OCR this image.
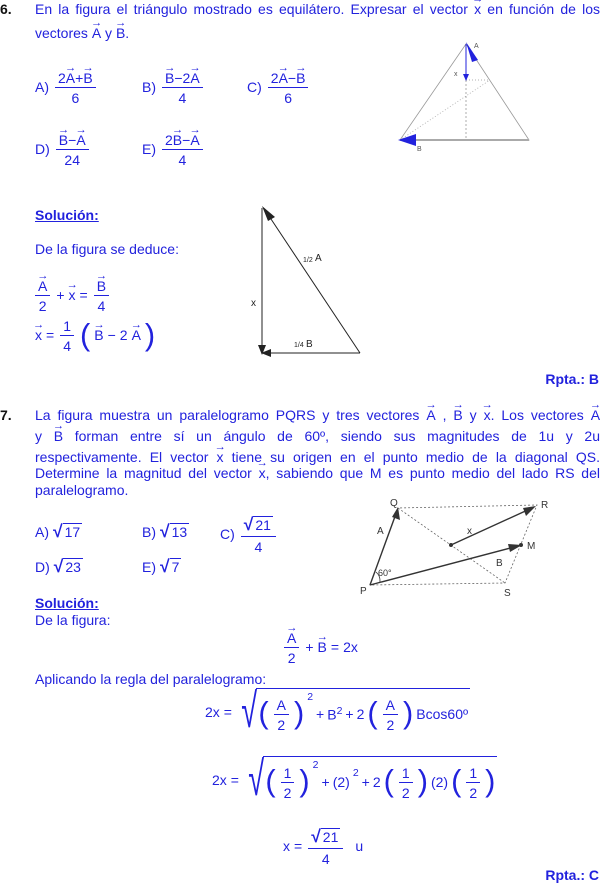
6. En la figura el triángulo mostrado es equilátero. Expresar el vector → x en función de los
vectores → A y → B.
$A) \frac{2\to A+\to B}{6}$	$B) \to \frac{B-2\to A}{4}$	$C) \frac{2\to A-\to B}{6}$
$D) \to \frac{B-\to A}{24}$	$E) \frac{2\to B-\to A}{4}$
A
x
B
Solución:
De la figura se deduce:
→ $\frac{A}{2}$ + → x = → $\frac{B}{4}$
→ $x = \frac{1}{4}$ ( → B − 2 → A )
1/2 A
x
1/4 B
Rpta.: B
7. La figura muestra un paralelogramo PQRS y tres vectores → A , → B y → x. Los vectores → A
y → B forman entre sí un ángulo de 60º, siendo sus magnitudes de 1u y 2u
respectivamente. El vector → x tiene su origen en el punto medio de la diagonal QS.
Determine la magnitud del vector → x, sabiendo que M es punto medio del lado RS del
paralelogramo.
A) √ 17	B) √ 13 $C) \frac{√ 21}{4}$
D) √ 23	E) √ 7
P
Q	R
S
M
60°
A
B
x
Solución:
De la figura:
→ $\frac{A}{2}$ + → B = 2x
Aplicando la regla del paralelogramo:
2x = √ ( $\frac{A}{2}$ ) $^2$
+ $B^2 + 2$ ( $\frac{A}{2}$ ) Bcos60º
2x = √ ( $\frac{1}{2}$ ) $^2$
+ (2)
$^2$
+ 2 ( $\frac{1}{2}$ ) (2) ( $\frac{1}{2}$ )
$x = \frac{√ 21}{4}$ u
Rpta.: C
